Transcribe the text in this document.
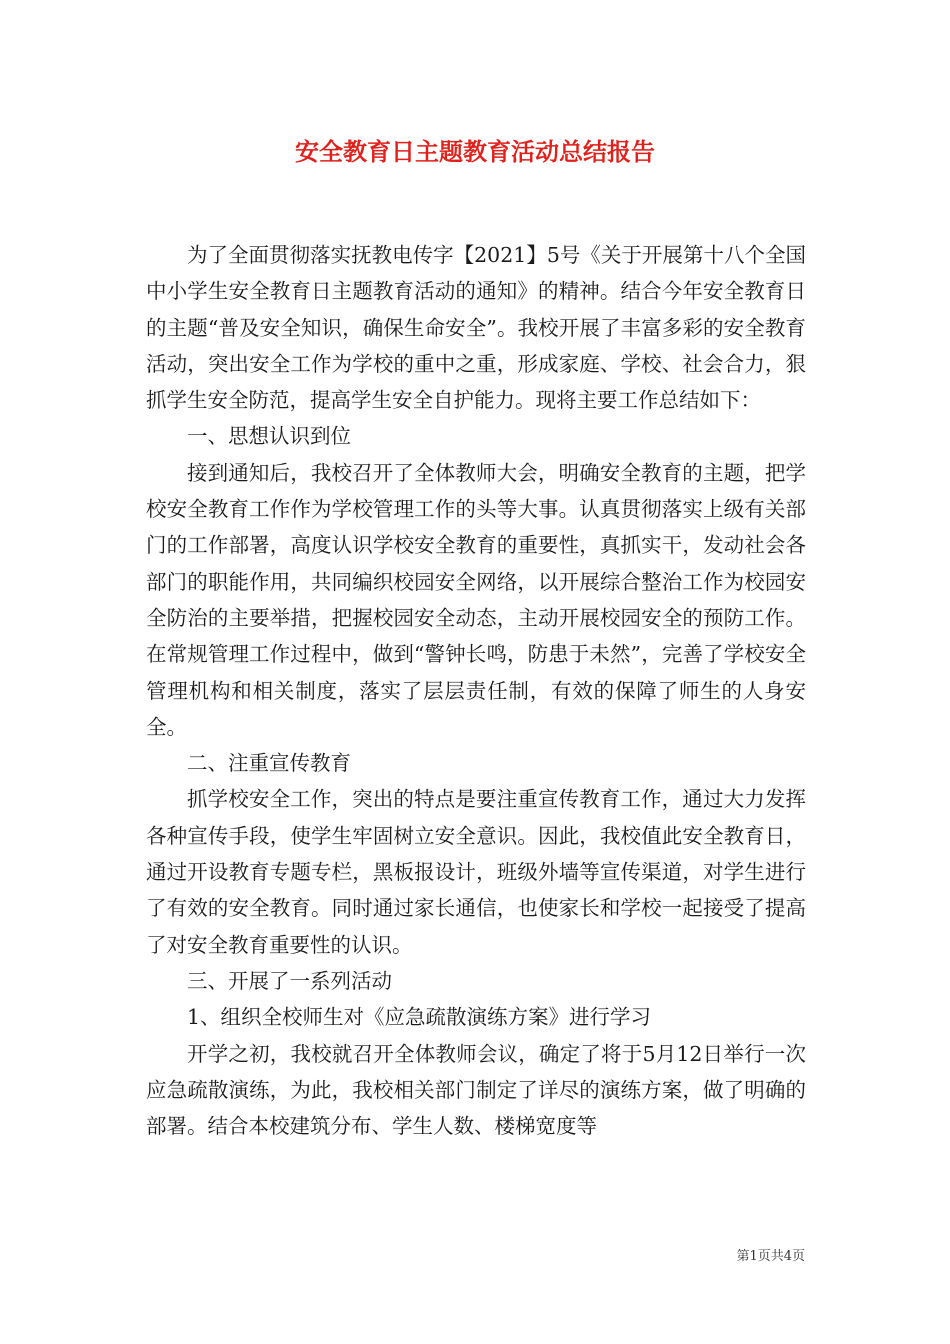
安全教育日主题教育活动总结报告

为了全面贯彻落实抚教电传字【2021】5号《关于开展第十八个全国中小学生安全教育日主题教育活动的通知》的精神。结合今年安全教育日的主题“普及安全知识，确保生命安全”。我校开展了丰富多彩的安全教育活动，突出安全工作为学校的重中之重，形成家庭、学校、社会合力，狠抓学生安全防范，提高学生安全自护能力。现将主要工作总结如下：

一、思想认识到位

接到通知后，我校召开了全体教师大会，明确安全教育的主题，把学校安全教育工作作为学校管理工作的头等大事。认真贯彻落实上级有关部门的工作部署，高度认识学校安全教育的重要性，真抓实干，发动社会各部门的职能作用，共同编织校园安全网络，以开展综合整治工作为校园安全防治的主要举措，把握校园安全动态，主动开展校园安全的预防工作。在常规管理工作过程中，做到“警钟长鸣，防患于未然”，完善了学校安全管理机构和相关制度，落实了层层责任制，有效的保障了师生的人身安全。

二、注重宣传教育

抓学校安全工作，突出的特点是要注重宣传教育工作，通过大力发挥各种宣传手段，使学生牢固树立安全意识。因此，我校值此安全教育日，通过开设教育专题专栏，黑板报设计，班级外墙等宣传渠道，对学生进行了有效的安全教育。同时通过家长通信，也使家长和学校一起接受了提高了对安全教育重要性的认识。

三、开展了一系列活动

1、组织全校师生对《应急疏散演练方案》进行学习

开学之初，我校就召开全体教师会议，确定了将于5月12日举行一次应急疏散演练，为此，我校相关部门制定了详尽的演练方案，做了明确的部署。结合本校建筑分布、学生人数、楼梯宽度等

第1页共4页
